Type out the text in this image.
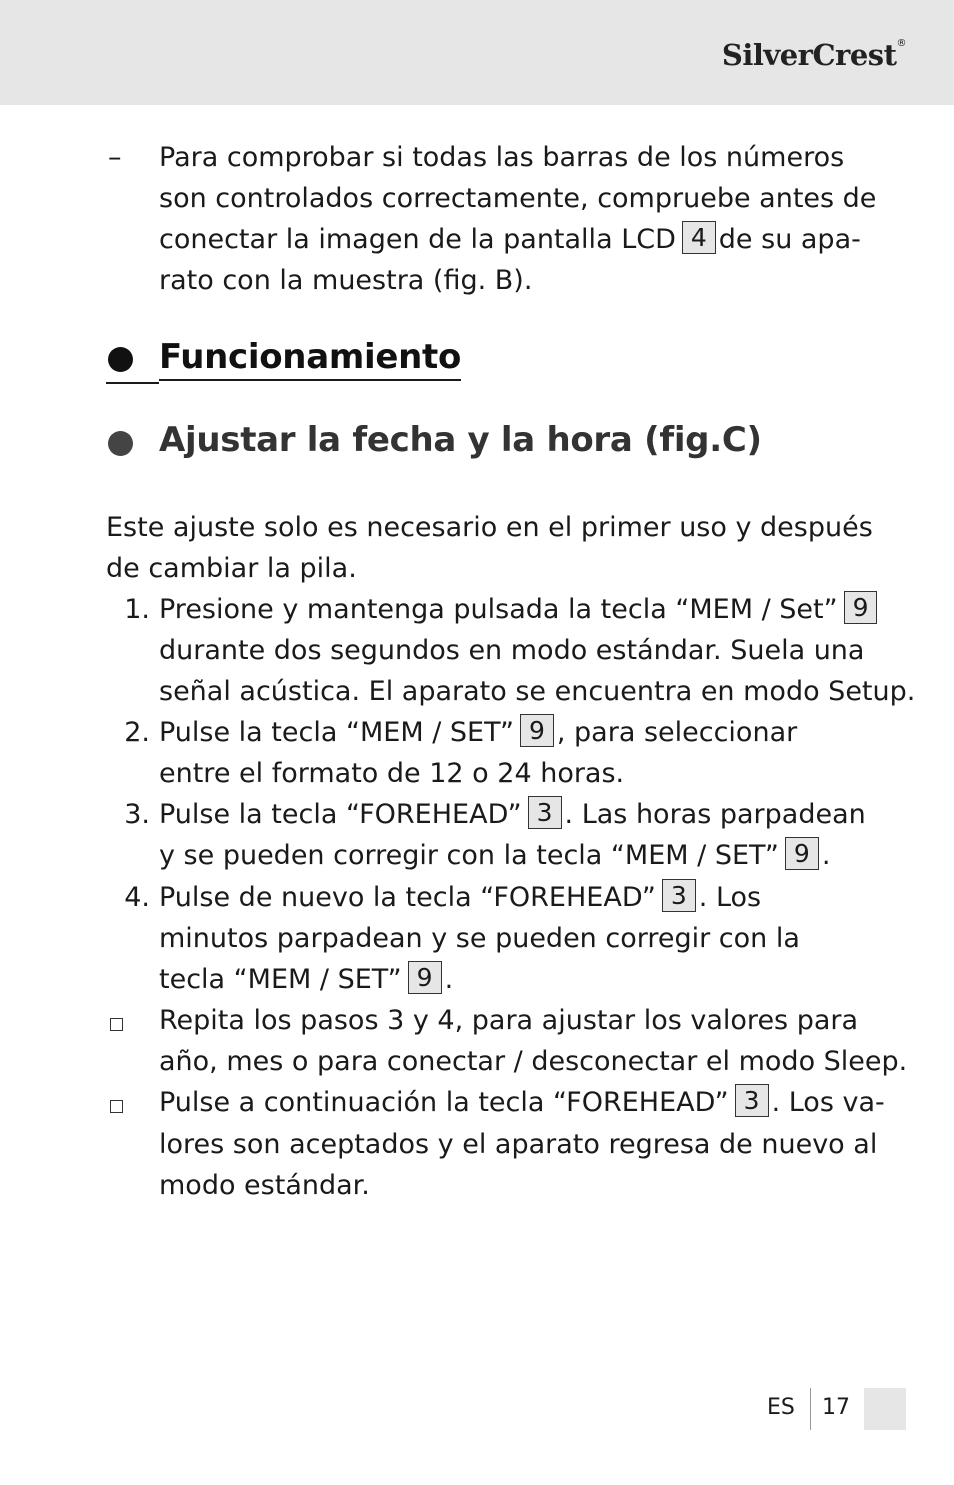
SilverCrest®
– Para comprobar si todas las barras de los números

son controlados correctamente, compruebe antes de

conectar la imagen de la pantalla LCD 4 de su apa-

rato con la muestra (fig. B).

Funcionamiento
Ajustar la fecha y la hora (fig.C)

Este ajuste solo es necesario en el primer uso y después

de cambiar la pila.

1. Presione y mantenga pulsada la tecla “MEM / Set” 9

durante dos segundos en modo estándar. Suela una

señal acústica. El aparato se encuentra en modo Setup.

2. Pulse la tecla “MEM / SET” 9 , para seleccionar

entre el formato de 12 o 24 horas.

3. Pulse la tecla “FOREHEAD” 3 . Las horas parpadean

y se pueden corregir con la tecla “MEM / SET” 9 .

4. Pulse de nuevo la tecla “FOREHEAD” 3 . Los

minutos parpadean y se pueden corregir con la

tecla “MEM / SET” 9 .

Repita los pasos 3 y 4, para ajustar los valores para

año, mes o para conectar / desconectar el modo Sleep.

Pulse a continuación la tecla “FOREHEAD” 3 . Los va-

lores son aceptados y el aparato regresa de nuevo al

modo estándar.

ES 17
